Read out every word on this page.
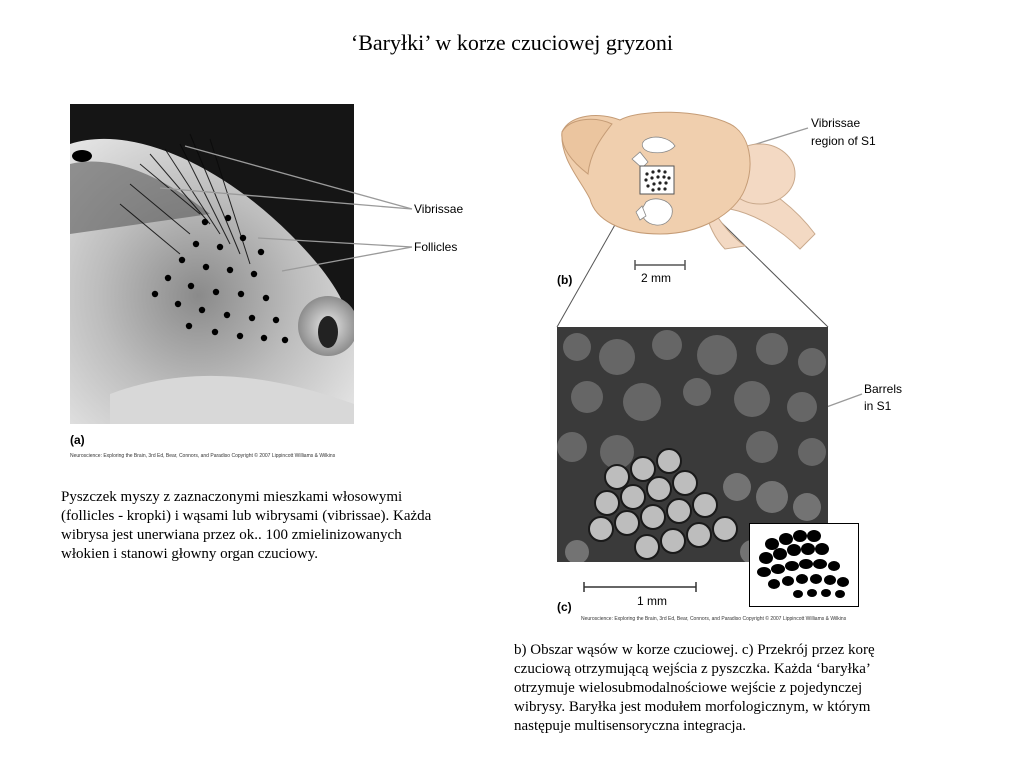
‘Baryłki’ w korze czuciowej gryzoni
Vibrissae
Follicles
(a)
Neuroscience: Exploring the Brain, 3rd Ed, Bear, Connors, and Paradiso Copyright © 2007 Lippincott Williams & Wilkins
Vibrissae
region of S1
2 mm
(b)
Barrels
in S1
1 mm
(c)
Neuroscience: Exploring the Brain, 3rd Ed, Bear, Connors, and Paradiso Copyright © 2007 Lippincott Williams & Wilkins
Pyszczek myszy z zaznaczonymi mieszkami włosowymi (follicles - kropki) i wąsami lub wibrysami (vibrissae). Każda wibrysa jest unerwiana przez ok.. 100 zmielinizowanych włokien i stanowi głowny organ czuciowy.
b) Obszar wąsów w korze czuciowej. c) Przekrój przez korę czuciową otrzymującą wejścia z pyszczka. Każda ‘baryłka’ otrzymuje wielosubmodalnościowe wejście z pojedynczej wibrysy. Baryłka jest modułem morfologicznym, w którym następuje multisensoryczna integracja.
